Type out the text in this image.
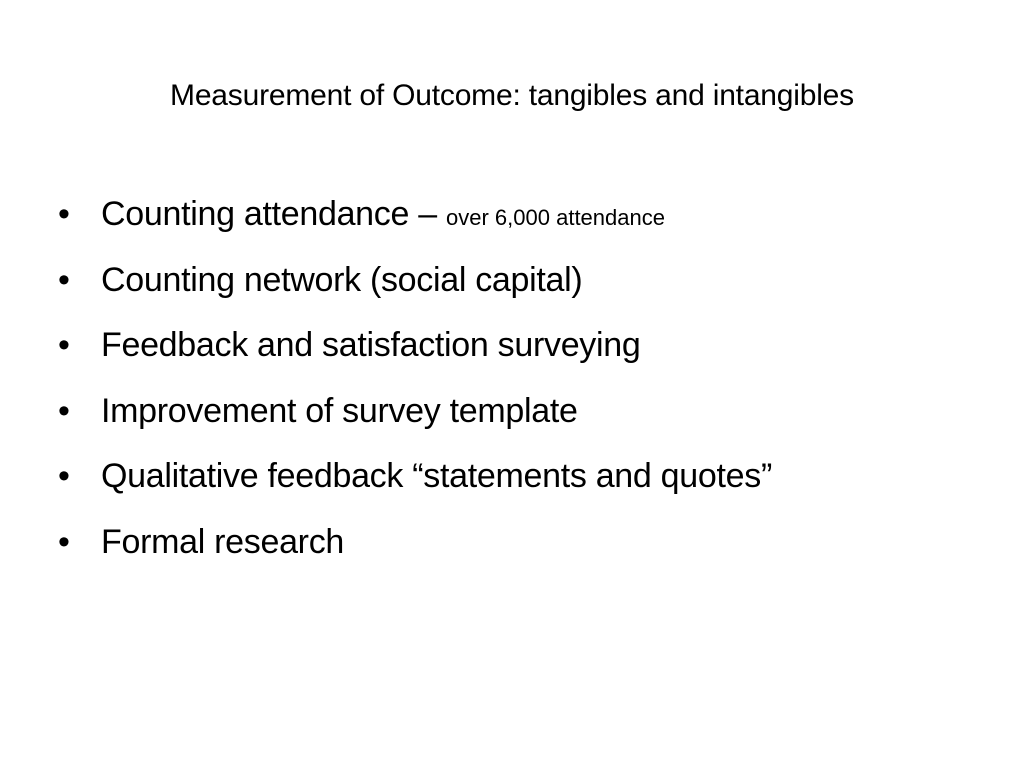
Measurement of Outcome: tangibles and intangibles
• Counting attendance – over 6,000 attendance
• Counting network (social capital)
• Feedback and satisfaction surveying
• Improvement of survey template
• Qualitative feedback “statements and quotes”
• Formal research
